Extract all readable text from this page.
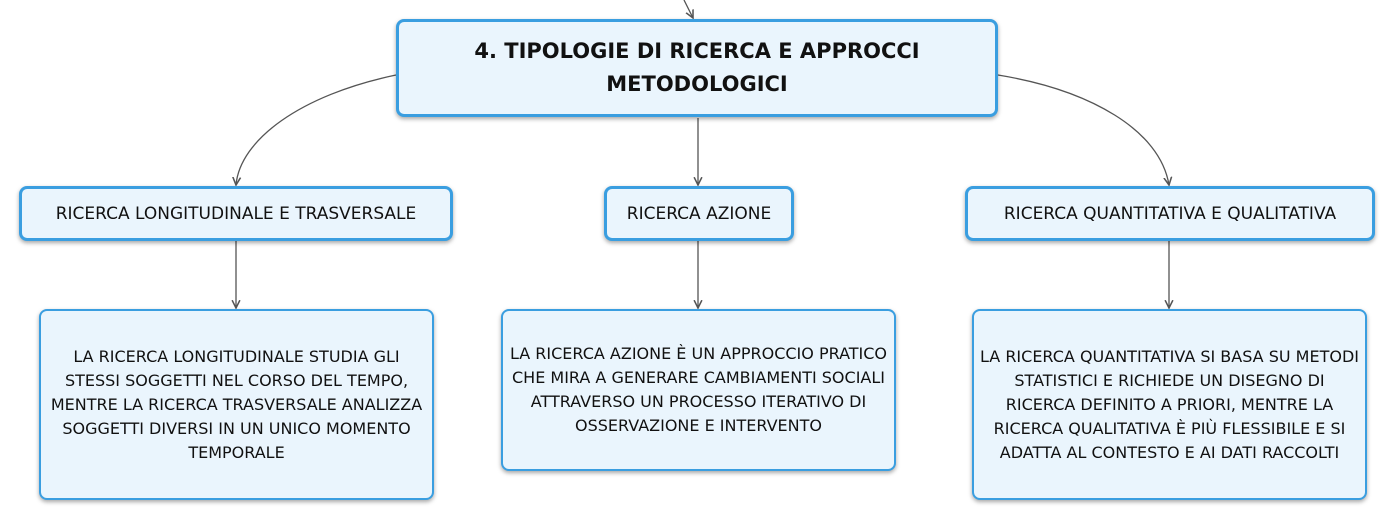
4. TIPOLOGIE DI RICERCA E APPROCCI METODOLOGICI
RICERCA LONGITUDINALE E TRASVERSALE	RICERCA AZIONE	RICERCA QUANTITATIVA E QUALITATIVA
LA RICERCA LONGITUDINALE STUDIA GLI STESSI SOGGETTI NEL CORSO DEL TEMPO, MENTRE LA RICERCA TRASVERSALE ANALIZZA SOGGETTI DIVERSI IN UN UNICO MOMENTO TEMPORALE
LA RICERCA AZIONE È UN APPROCCIO PRATICO CHE MIRA A GENERARE CAMBIAMENTI SOCIALI ATTRAVERSO UN PROCESSO ITERATIVO DI OSSERVAZIONE E INTERVENTO
LA RICERCA QUANTITATIVA SI BASA SU METODI STATISTICI E RICHIEDE UN DISEGNO DI RICERCA DEFINITO A PRIORI, MENTRE LA RICERCA QUALITATIVA È PIÙ FLESSIBILE E SI ADATTA AL CONTESTO E AI DATI RACCOLTI
